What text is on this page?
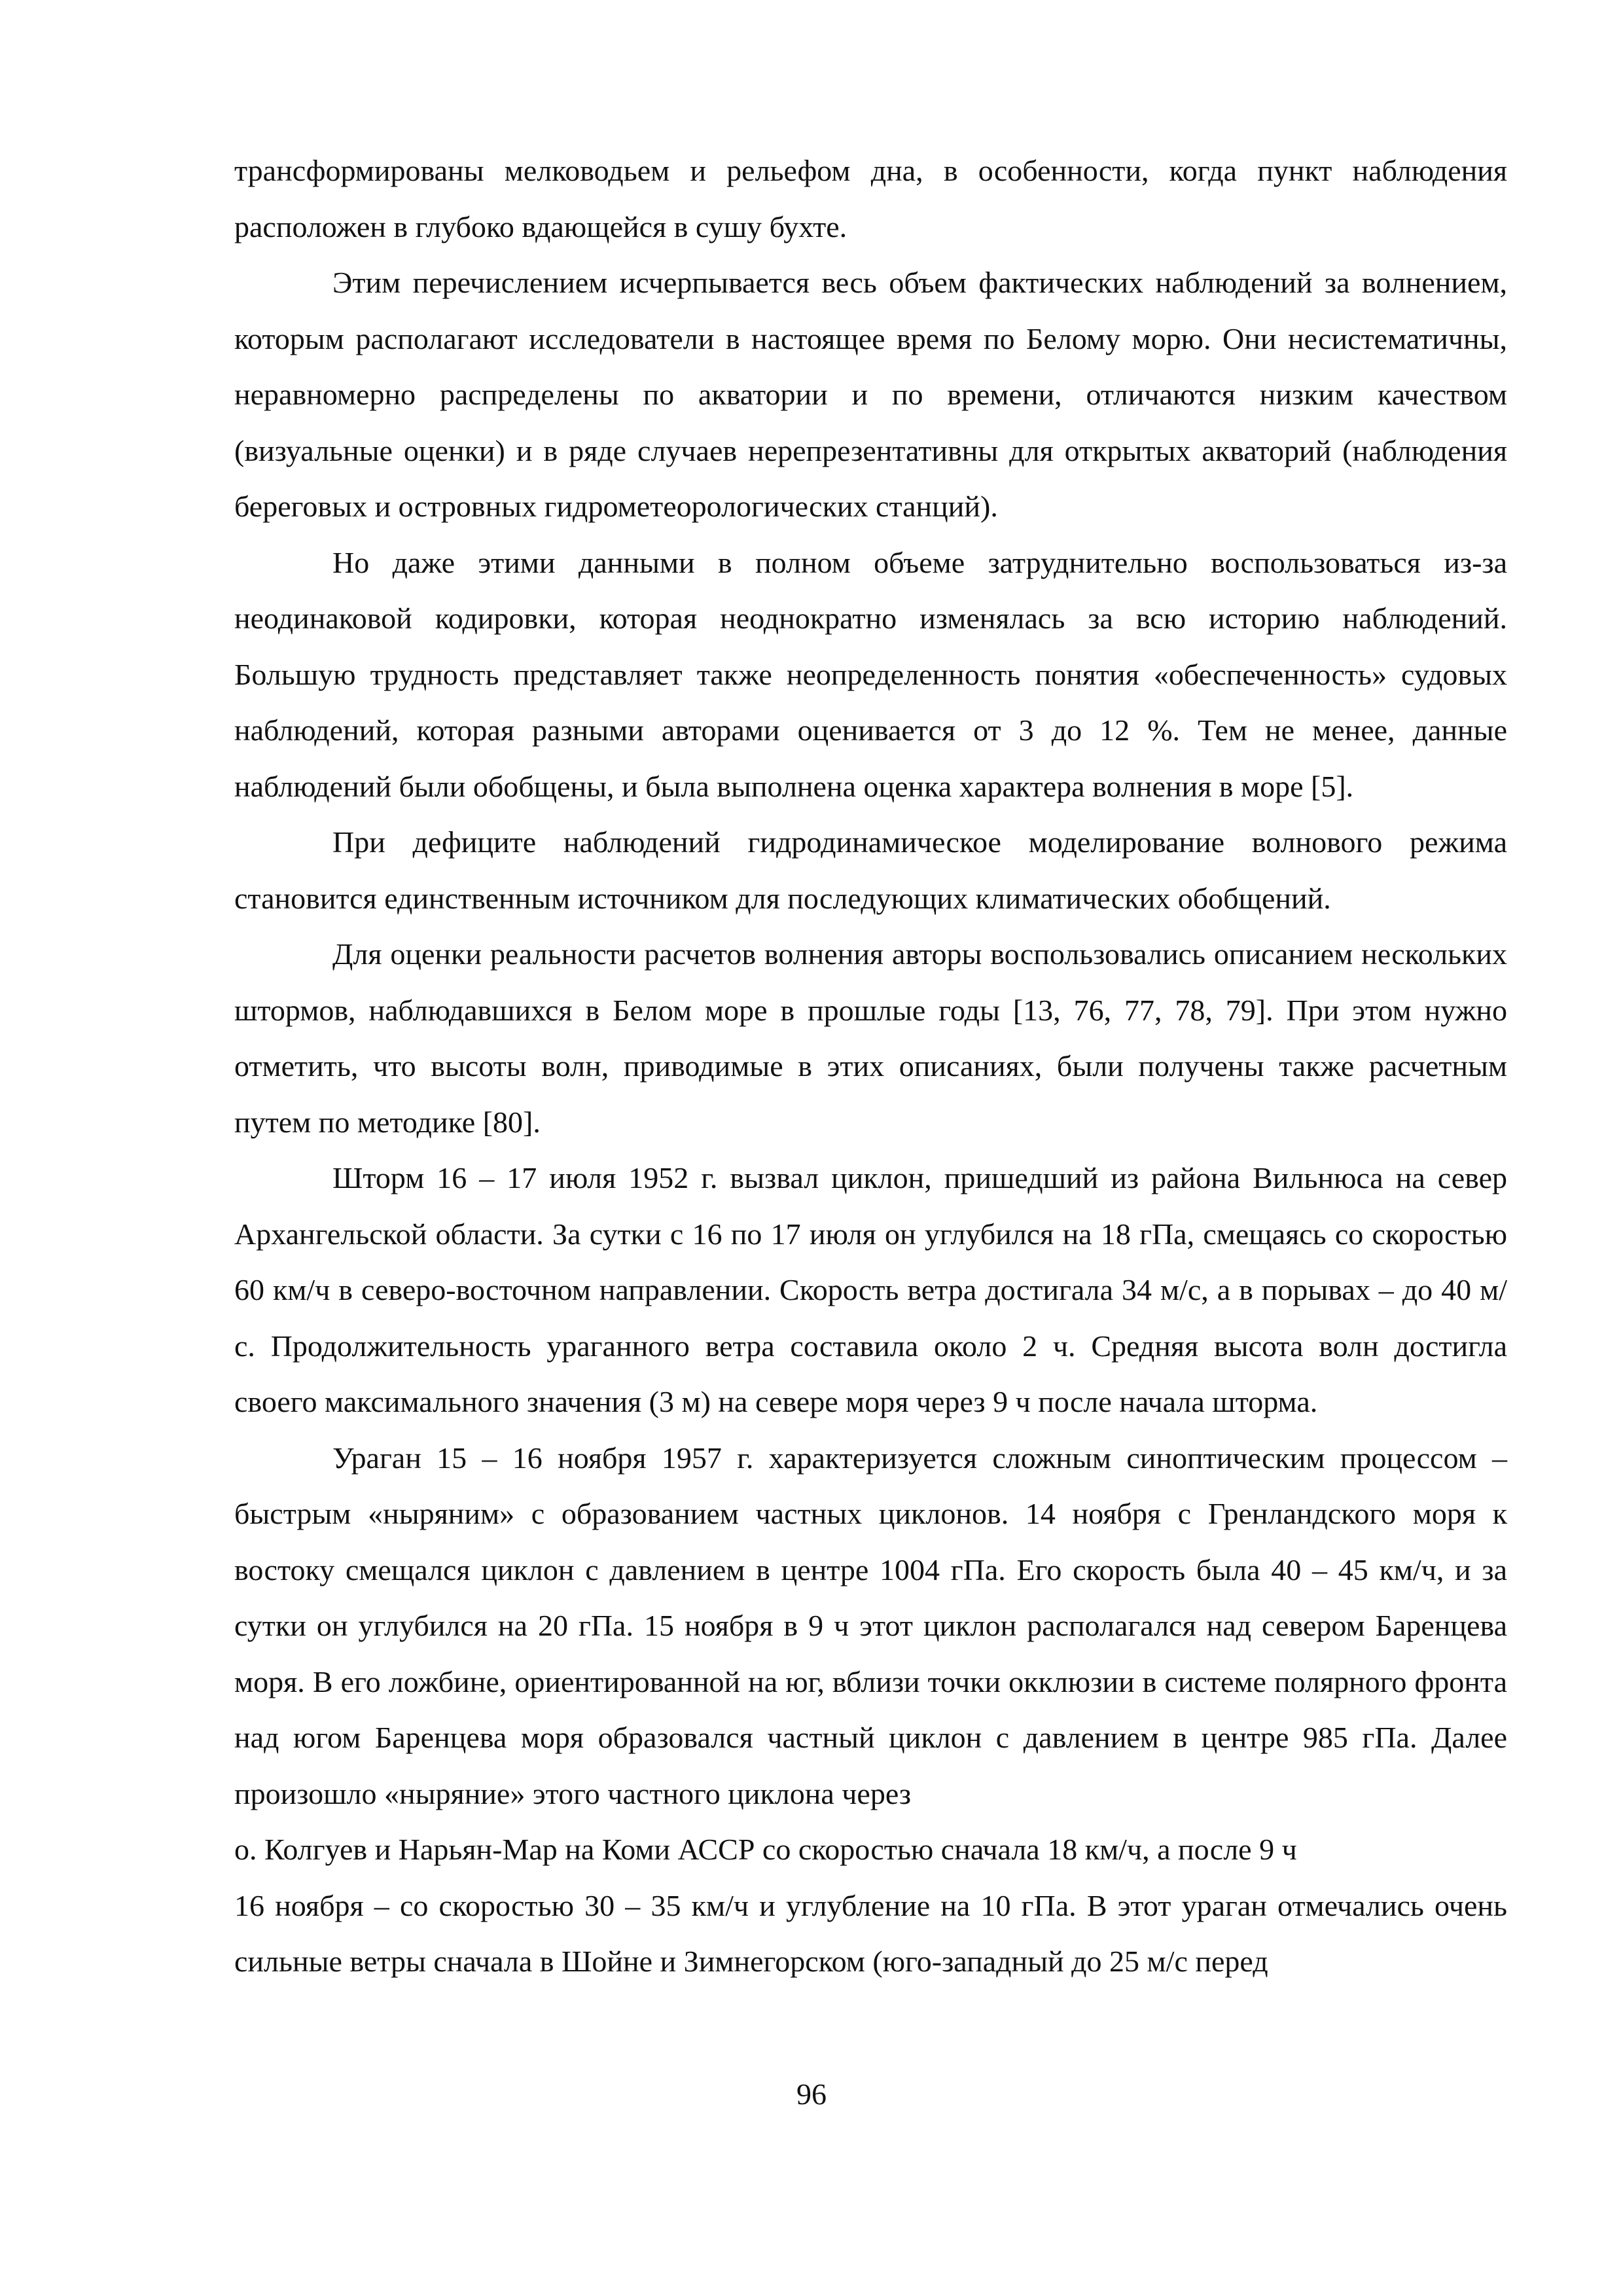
трансформированы мелководьем и рельефом дна, в особенности, когда пункт наблюдения расположен в глубоко вдающейся в сушу бухте.

Этим перечислением исчерпывается весь объем фактических наблюдений за волнением, которым располагают исследователи в настоящее время по Белому морю. Они несистематичны, неравномерно распределены по акватории и по времени, отличаются низким качеством (визуальные оценки) и в ряде случаев нерепрезентативны для открытых акваторий (наблюдения береговых и островных гидрометеорологических станций).

Но даже этими данными в полном объеме затруднительно воспользоваться из-за неодинаковой кодировки, которая неоднократно изменялась за всю историю наблюдений. Большую трудность представляет также неопределенность понятия «обеспеченность» судовых наблюдений, которая разными авторами оценивается от 3 до 12 %. Тем не менее, данные наблюдений были обобщены, и была выполнена оценка характера волнения в море [5].

При дефиците наблюдений гидродинамическое моделирование волнового режима становится единственным источником для последующих климатических обобщений.

Для оценки реальности расчетов волнения авторы воспользовались описанием нескольких штормов, наблюдавшихся в Белом море в прошлые годы [13, 76, 77, 78, 79]. При этом нужно отметить, что высоты волн, приводимые в этих описаниях, были получены также расчетным путем по методике [80].

Шторм 16 – 17 июля 1952 г. вызвал циклон, пришедший из района Вильнюса на север Архангельской области. За сутки с 16 по 17 июля он углубился на 18 гПа, смещаясь со скоростью 60 км/ч в северо-восточном направлении. Скорость ветра достигала 34 м/с, а в порывах – до 40 м/с. Продолжительность ураганного ветра составила около 2 ч. Средняя высота волн достигла своего максимального значения (3 м) на севере моря через 9 ч после начала шторма.

Ураган 15 – 16 ноября 1957 г. характеризуется сложным синоптическим процессом – быстрым «ныряним» с образованием частных циклонов. 14 ноября с Гренландского моря к востоку смещался циклон с давлением в центре 1004 гПа. Его скорость была 40 – 45 км/ч, и за сутки он углубился на 20 гПа. 15 ноября в 9 ч этот циклон располагался над севером Баренцева моря. В его ложбине, ориентированной на юг, вблизи точки окклюзии в системе полярного фронта над югом Баренцева моря образовался частный циклон с давлением в центре 985 гПа. Далее произошло «ныряние» этого частного циклона через

о. Колгуев и Нарьян-Мар на Коми АССР со скоростью сначала 18 км/ч, а после 9 ч

16 ноября – со скоростью 30 – 35 км/ч и углубление на 10 гПа. В этот ураган отмечались очень сильные ветры сначала в Шойне и Зимнегорском (юго-западный до 25 м/с перед

96
